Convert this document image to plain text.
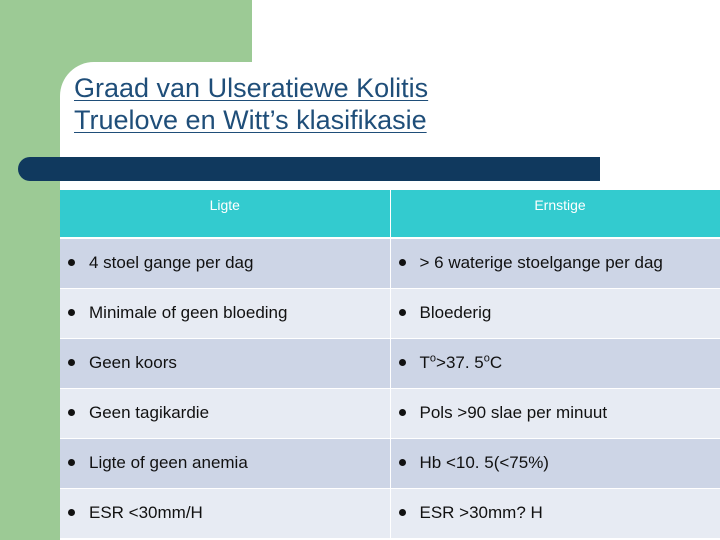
Graad van Ulseratiewe Kolitis
Truelove en Witt’s klasifikasie
Ligte	Ernstige
4 stoel gange per dag	> 6 waterige stoelgange per dag
Minimale of geen bloeding	Bloederig
Geen koors	$T^o>37$. 5$^o$C
Geen tagikardie	Pols >90 slae per minuut
Ligte of geen anemia	Hb <10. 5(<75%)
ESR <30mm/H	ESR >30mm? H
